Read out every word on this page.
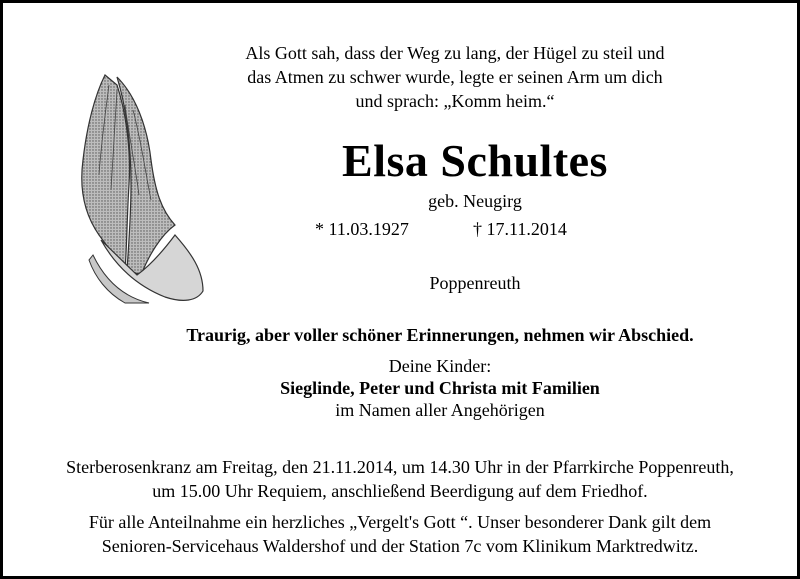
Als Gott sah, dass der Weg zu lang, der Hügel zu steil und
das Atmen zu schwer wurde, legte er seinen Arm um dich
und sprach: „Komm heim.“
Elsa Schultes
geb. Neugirg
* 11.03.1927	† 17.11.2014
Poppenreuth
Traurig, aber voller schöner Erinnerungen, nehmen wir Abschied.
Deine Kinder:
Sieglinde, Peter und Christa mit Familien
im Namen aller Angehörigen
Sterberosenkranz am Freitag, den 21.11.2014, um 14.30 Uhr in der Pfarrkirche Poppenreuth,
um 15.00 Uhr Requiem, anschließend Beerdigung auf dem Friedhof.
Für alle Anteilnahme ein herzliches „Vergelt's Gott “. Unser besonderer Dank gilt dem
Senioren-Servicehaus Waldershof und der Station 7c vom Klinikum Marktredwitz.
